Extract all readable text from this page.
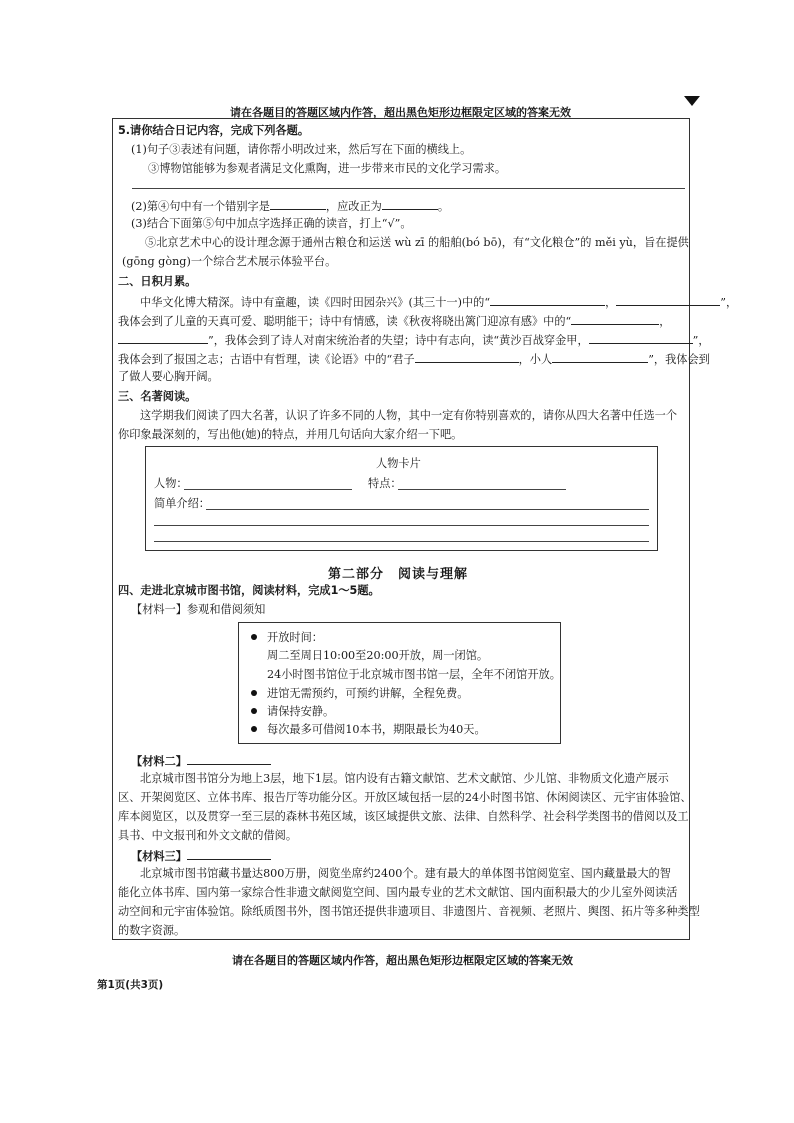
请在各题目的答题区域内作答，超出黑色矩形边框限定区域的答案无效
5.请你结合日记内容，完成下列各题。
(1)句子③表述有问题，请你帮小明改过来，然后写在下面的横线上。
③博物馆能够为参观者满足文化熏陶，进一步带来市民的文化学习需求。
(2)第④句中有一个错别字是	，应改正为	。
(3)结合下面第⑤句中加点字选择正确的读音，打上“√”。
⑤北京艺术中心的设计理念源于通州古粮仓和运送 wù zī 的船舶(bó bō)，有“文化粮仓”的 měi yù，旨在提供
(gōng gòng)一个综合艺术展示体验平台。
二、日积月累。
中华文化博大精深。诗中有童趣，读《四时田园杂兴》(其三十一)中的“	，	”，
我体会到了儿童的天真可爱、聪明能干；诗中有情感，读《秋夜将晓出篱门迎凉有感》中的“	，
”，我体会到了诗人对南宋统治者的失望；诗中有志向，读“黄沙百战穿金甲，	”，
我体会到了报国之志；古语中有哲理，读《论语》中的“君子	，小人	”，我体会到
了做人要心胸开阔。
三、名著阅读。
这学期我们阅读了四大名著，认识了许多不同的人物，其中一定有你特别喜欢的，请你从四大名著中任选一个
你印象最深刻的，写出他(她)的特点，并用几句话向大家介绍一下吧。
人物卡片
人物：	特点：
简单介绍：
第二部分　阅读与理解
四、走进北京城市图书馆，阅读材料，完成1～5题。
【材料一】参观和借阅须知
开放时间：
周二至周日10:00至20:00开放，周一闭馆。
24小时图书馆位于北京城市图书馆一层，全年不闭馆开放。
进馆无需预约，可预约讲解，全程免费。
请保持安静。
每次最多可借阅10本书，期限最长为40天。
【材料二】
北京城市图书馆分为地上3层，地下1层。馆内设有古籍文献馆、艺术文献馆、少儿馆、非物质文化遗产展示
区、开架阅览区、立体书库、报告厅等功能分区。开放区域包括一层的24小时图书馆、休闲阅读区、元宇宙体验馆、
库本阅览区，以及贯穿一至三层的森林书苑区域，该区域提供文旅、法律、自然科学、社会科学类图书的借阅以及工
具书、中文报刊和外文文献的借阅。
【材料三】
北京城市图书馆藏书量达800万册，阅览坐席约2400个。建有最大的单体图书馆阅览室、国内藏量最大的智
能化立体书库、国内第一家综合性非遗文献阅览空间、国内最专业的艺术文献馆、国内面积最大的少儿室外阅读活
动空间和元宇宙体验馆。除纸质图书外，图书馆还提供非遗项目、非遗图片、音视频、老照片、舆图、拓片等多种类型
的数字资源。
请在各题目的答题区域内作答，超出黑色矩形边框限定区域的答案无效
第1页(共3页)
